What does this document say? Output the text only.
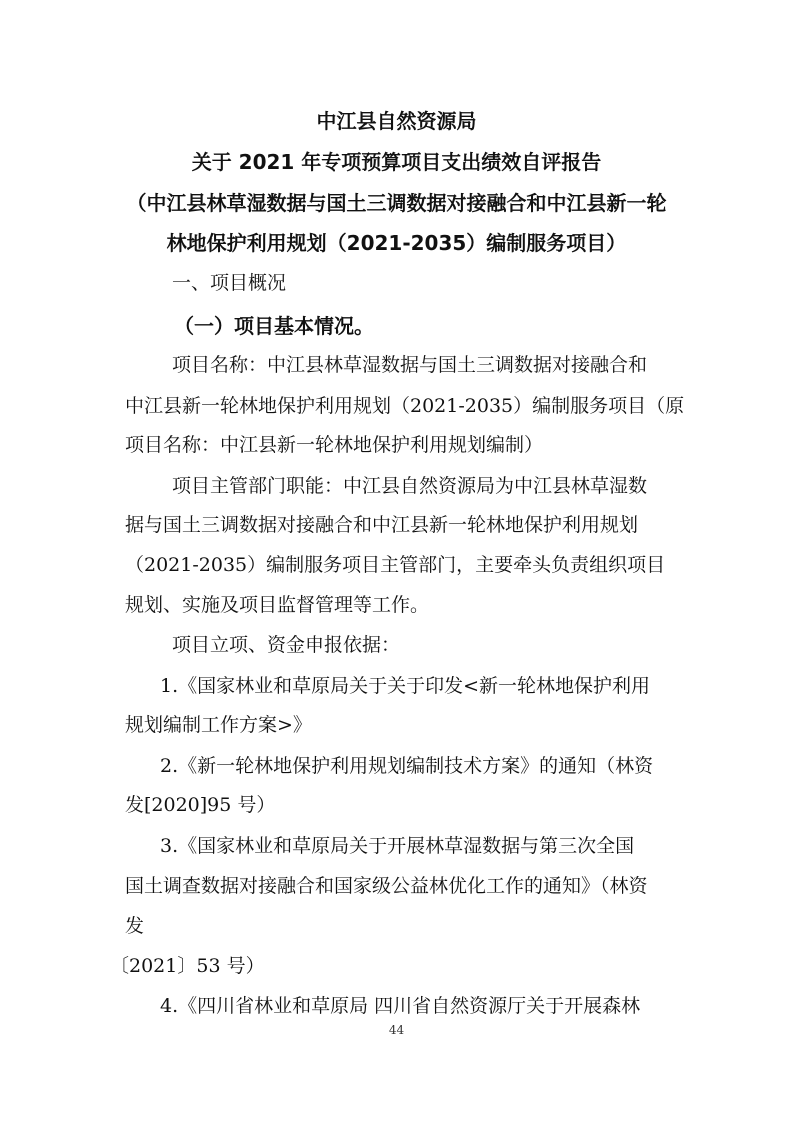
中江县自然资源局
关于 2021 年专项预算项目支出绩效自评报告
（中江县林草湿数据与国土三调数据对接融合和中江县新一轮
林地保护利用规划（2021-2035）编制服务项目）
一、项目概况
（一）项目基本情况。
项目名称：中江县林草湿数据与国土三调数据对接融合和
中江县新一轮林地保护利用规划（2021-2035）编制服务项目（原
项目名称：中江县新一轮林地保护利用规划编制）
项目主管部门职能：中江县自然资源局为中江县林草湿数
据与国土三调数据对接融合和中江县新一轮林地保护利用规划
（2021-2035）编制服务项目主管部门，主要牵头负责组织项目
规划、实施及项目监督管理等工作。
项目立项、资金申报依据：
1.《国家林业和草原局关于关于印发<新一轮林地保护利用
规划编制工作方案>》
2.《新一轮林地保护利用规划编制技术方案》的通知（林资
发[2020]95 号）
3.《国家林业和草原局关于开展林草湿数据与第三次全国
国土调查数据对接融合和国家级公益林优化工作的通知》（林资
发
〔2021〕53 号）
4.《四川省林业和草原局 四川省自然资源厅关于开展森林
44
